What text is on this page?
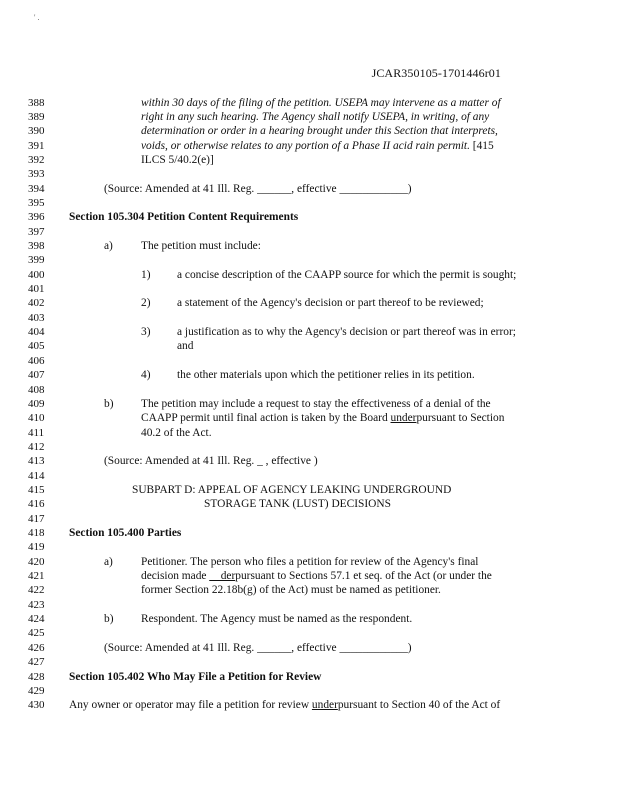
' .
JCAR350105-1701446r01
388	within 30 days of the filing of the petition. USEPA may intervene as a matter of
389	right in any such hearing. The Agency shall notify USEPA, in writing, of any
390	determination or order in a hearing brought under this Section that interprets,
391	voids, or otherwise relates to any portion of a Phase II acid rain permit. [415
392	ILCS 5/40.2(e)]
393
394	(Source: Amended at 41 Ill. Reg. ______, effective ____________)
395
396	Section 105.304 Petition Content Requirements
397
398	a) The petition must include:
399
400	1) a concise description of the CAAPP source for which the permit is sought;
401
402	2) a statement of the Agency's decision or part thereof to be reviewed;
403
404	3) a justification as to why the Agency's decision or part thereof was in error;
405	and
406
407	4) the other materials upon which the petitioner relies in its petition.
408
409	b) The petition may include a request to stay the effectiveness of a denial of the
410	CAAPP permit until final action is taken by the Board underpursuant to Section
411	40.2 of the Act.
412
413	(Source: Amended at 41 Ill. Reg. _ , effective )
414
415	SUBPART D: APPEAL OF AGENCY LEAKING UNDERGROUND
416	STORAGE TANK (LUST) DECISIONS
417
418	Section 105.400 Parties
419
420	a) Petitioner. The person who files a petition for review of the Agency's final
421	decision made __derpursuant to Sections 57.1 et seq. of the Act (or under the
422	former Section 22.18b(g) of the Act) must be named as petitioner.
423
424	b) Respondent. The Agency must be named as the respondent.
425
426	(Source: Amended at 41 Ill. Reg. ______, effective ____________)
427
428	Section 105.402 Who May File a Petition for Review
429
430	Any owner or operator may file a petition for review underpursuant to Section 40 of the Act of
